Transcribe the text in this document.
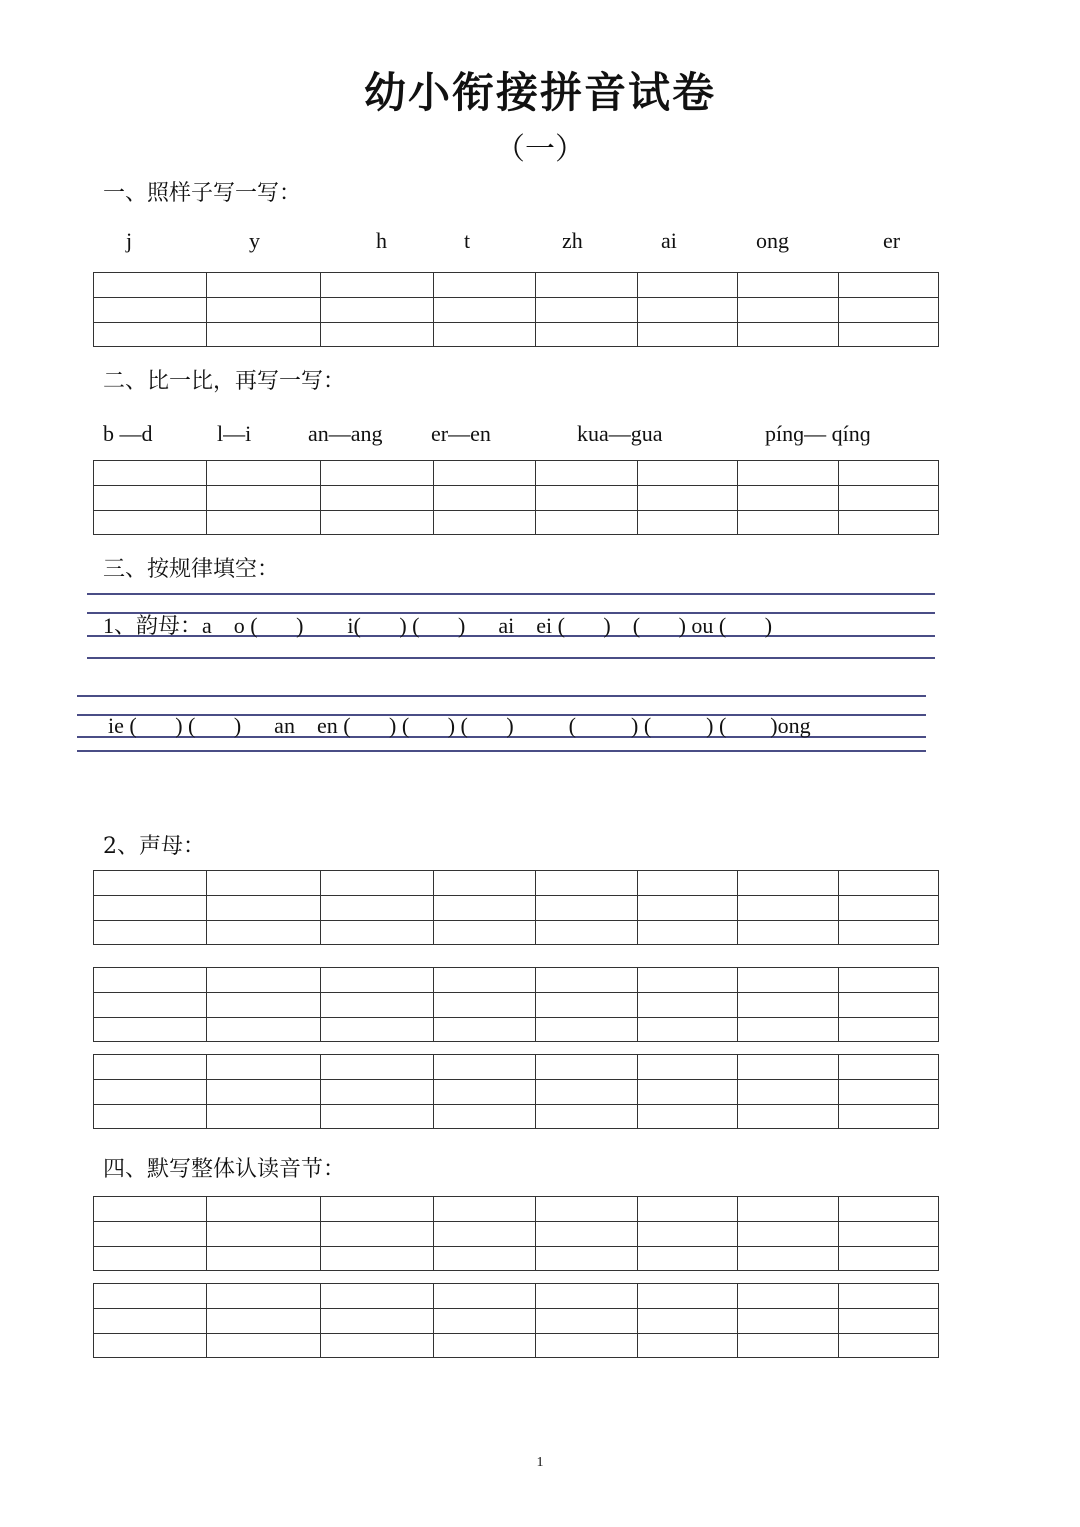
幼小衔接拼音试卷
（一）
一、照样子写一写：
j	y	h	t	zh	ai	ong	er
二、比一比，再写一写：
b —d	l—i	an—ang er—en	kua—gua	pínɡ— qínɡ
三、按规律填空：
1、韵母：a    o (       )        i(       ) (       )      ai    ei (       )    (       ) ou (       )
ie (       ) (       )      an    en (       ) (       ) (       )          (          ) (          ) (        )ong
2、声母：
四、默写整体认读音节：
1
